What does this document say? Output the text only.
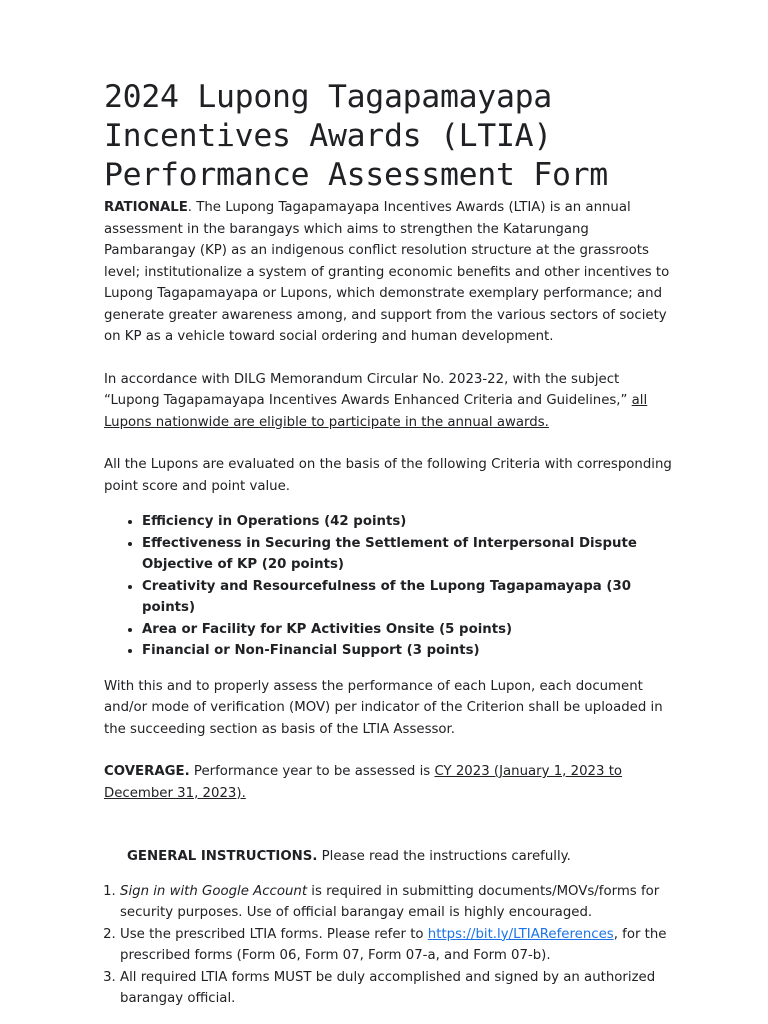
2024 Lupong Tagapamayapa Incentives Awards (LTIA) Performance Assessment Form

RATIONALE. The Lupong Tagapamayapa Incentives Awards (LTIA) is an annual assessment in the barangays which aims to strengthen the Katarungang Pambarangay (KP) as an indigenous conflict resolution structure at the grassroots level; institutionalize a system of granting economic benefits and other incentives to Lupong Tagapamayapa or Lupons, which demonstrate exemplary performance; and generate greater awareness among, and support from the various sectors of society on KP as a vehicle toward social ordering and human development.

In accordance with DILG Memorandum Circular No. 2023-22, with the subject “Lupong Tagapamayapa Incentives Awards Enhanced Criteria and Guidelines,” all Lupons nationwide are eligible to participate in the annual awards.

All the Lupons are evaluated on the basis of the following Criteria with corresponding point score and point value.

• Efficiency in Operations (42 points)
• Effectiveness in Securing the Settlement of Interpersonal Dispute Objective of KP (20 points)
• Creativity and Resourcefulness of the Lupong Tagapamayapa (30 points)
• Area or Facility for KP Activities Onsite (5 points)
• Financial or Non-Financial Support (3 points)

With this and to properly assess the performance of each Lupon, each document and/or mode of verification (MOV) per indicator of the Criterion shall be uploaded in the succeeding section as basis of the LTIA Assessor.

COVERAGE. Performance year to be assessed is CY 2023 (January 1, 2023 to December 31, 2023).

GENERAL INSTRUCTIONS. Please read the instructions carefully.

1. Sign in with Google Account is required in submitting documents/MOVs/forms for security purposes. Use of official barangay email is highly encouraged.
2. Use the prescribed LTIA forms. Please refer to https://bit.ly/LTIAReferences, for the prescribed forms (Form 06, Form 07, Form 07-a, and Form 07-b).
3. All required LTIA forms MUST be duly accomplished and signed by an authorized barangay official.
